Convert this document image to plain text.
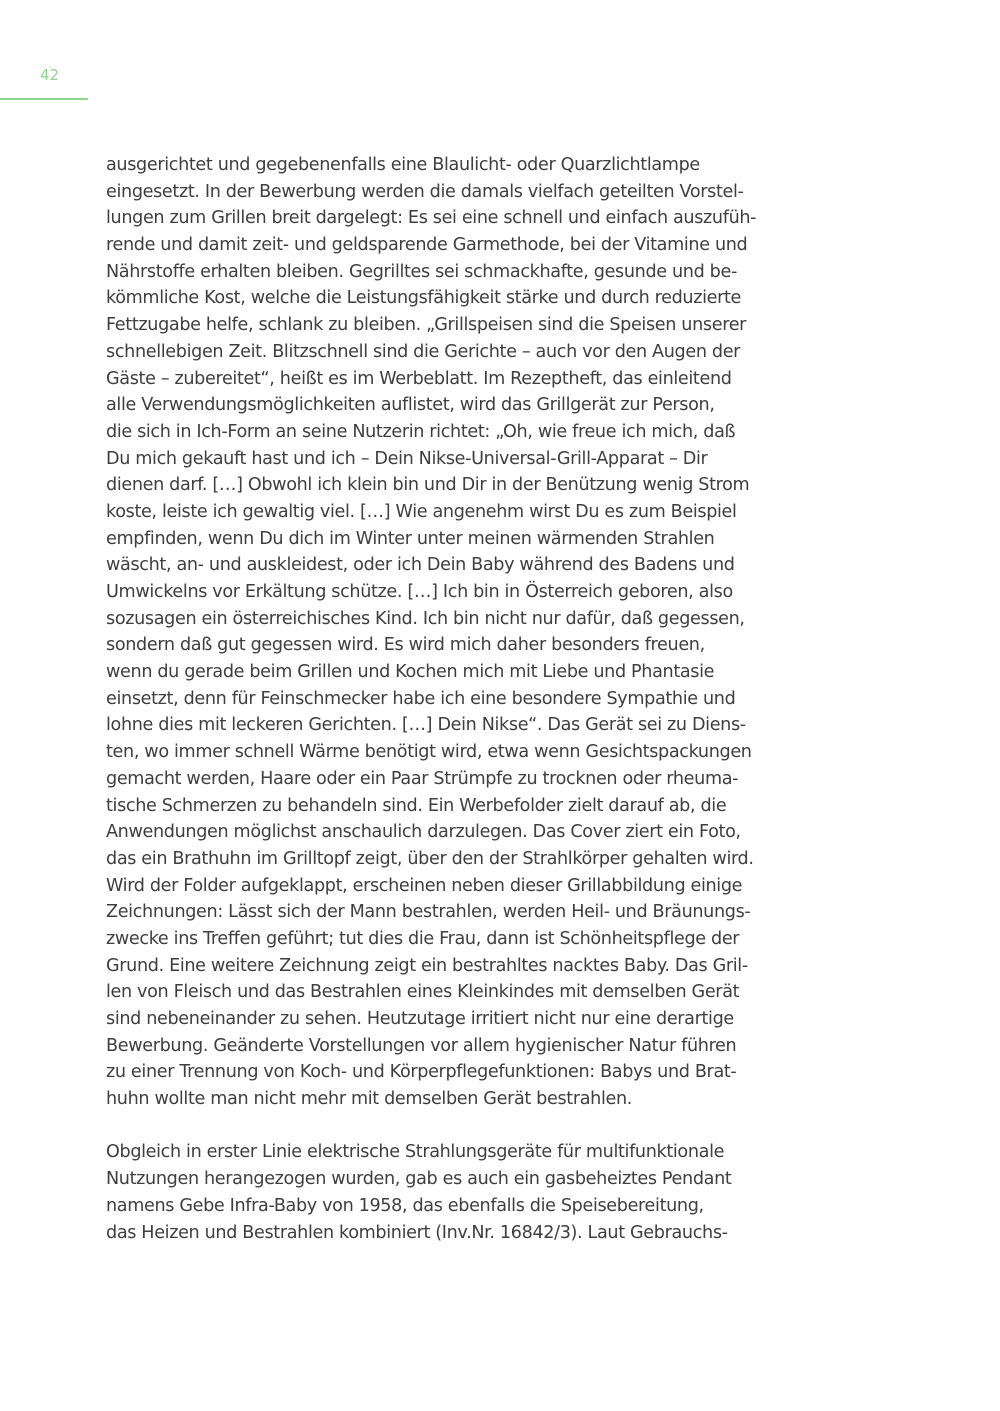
42
ausgerichtet und gegebenenfalls eine Blaulicht- oder Quarzlichtlampe
eingesetzt. In der Bewerbung werden die damals vielfach geteilten Vorstel-
lungen zum Grillen breit dargelegt: Es sei eine schnell und einfach auszufüh-
rende und damit zeit- und geldsparende Garmethode, bei der Vitamine und
Nährstoffe erhalten bleiben. Gegrilltes sei schmackhafte, gesunde und be-
kömmliche Kost, welche die Leistungsfähigkeit stärke und durch reduzierte
Fettzugabe helfe, schlank zu bleiben. „Grillspeisen sind die Speisen unserer
schnellebigen Zeit. Blitzschnell sind die Gerichte – auch vor den Augen der
Gäste – zubereitet“, heißt es im Werbeblatt. Im Rezeptheft, das einleitend
alle Verwendungsmöglichkeiten auflistet, wird das Grillgerät zur Person,
die sich in Ich-Form an seine Nutzerin richtet: „Oh, wie freue ich mich, daß
Du mich gekauft hast und ich – Dein Nikse-Universal-Grill-Apparat – Dir
dienen darf. […] Obwohl ich klein bin und Dir in der Benützung wenig Strom
koste, leiste ich gewaltig viel. […] Wie angenehm wirst Du es zum Beispiel
empfinden, wenn Du dich im Winter unter meinen wärmenden Strahlen
wäscht, an- und auskleidest, oder ich Dein Baby während des Badens und
Umwickelns vor Erkältung schütze. […] Ich bin in Österreich geboren, also
sozusagen ein österreichisches Kind. Ich bin nicht nur dafür, daß gegessen,
sondern daß gut gegessen wird. Es wird mich daher besonders freuen,
wenn du gerade beim Grillen und Kochen mich mit Liebe und Phantasie
einsetzt, denn für Feinschmecker habe ich eine besondere Sympathie und
lohne dies mit leckeren Gerichten. […] Dein Nikse“. Das Gerät sei zu Diens-
ten, wo immer schnell Wärme benötigt wird, etwa wenn Gesichtspackungen
gemacht werden, Haare oder ein Paar Strümpfe zu trocknen oder rheuma-
tische Schmerzen zu behandeln sind. Ein Werbefolder zielt darauf ab, die
Anwendungen möglichst anschaulich darzulegen. Das Cover ziert ein Foto,
das ein Brathuhn im Grilltopf zeigt, über den der Strahlkörper gehalten wird.
Wird der Folder aufgeklappt, erscheinen neben dieser Grillabbildung einige
Zeichnungen: Lässt sich der Mann bestrahlen, werden Heil- und Bräunungs-
zwecke ins Treffen geführt; tut dies die Frau, dann ist Schönheitspflege der
Grund. Eine weitere Zeichnung zeigt ein bestrahltes nacktes Baby. Das Gril-
len von Fleisch und das Bestrahlen eines Kleinkindes mit demselben Gerät
sind nebeneinander zu sehen. Heutzutage irritiert nicht nur eine derartige
Bewerbung. Geänderte Vorstellungen vor allem hygienischer Natur führen
zu einer Trennung von Koch- und Körperpflegefunktionen: Babys und Brat-
huhn wollte man nicht mehr mit demselben Gerät bestrahlen.
Obgleich in erster Linie elektrische Strahlungsgeräte für multifunktionale
Nutzungen herangezogen wurden, gab es auch ein gasbeheiztes Pendant
namens Gebe Infra-Baby von 1958, das ebenfalls die Speisebereitung,
das Heizen und Bestrahlen kombiniert (Inv.Nr. 16842/3). Laut Gebrauchs-
